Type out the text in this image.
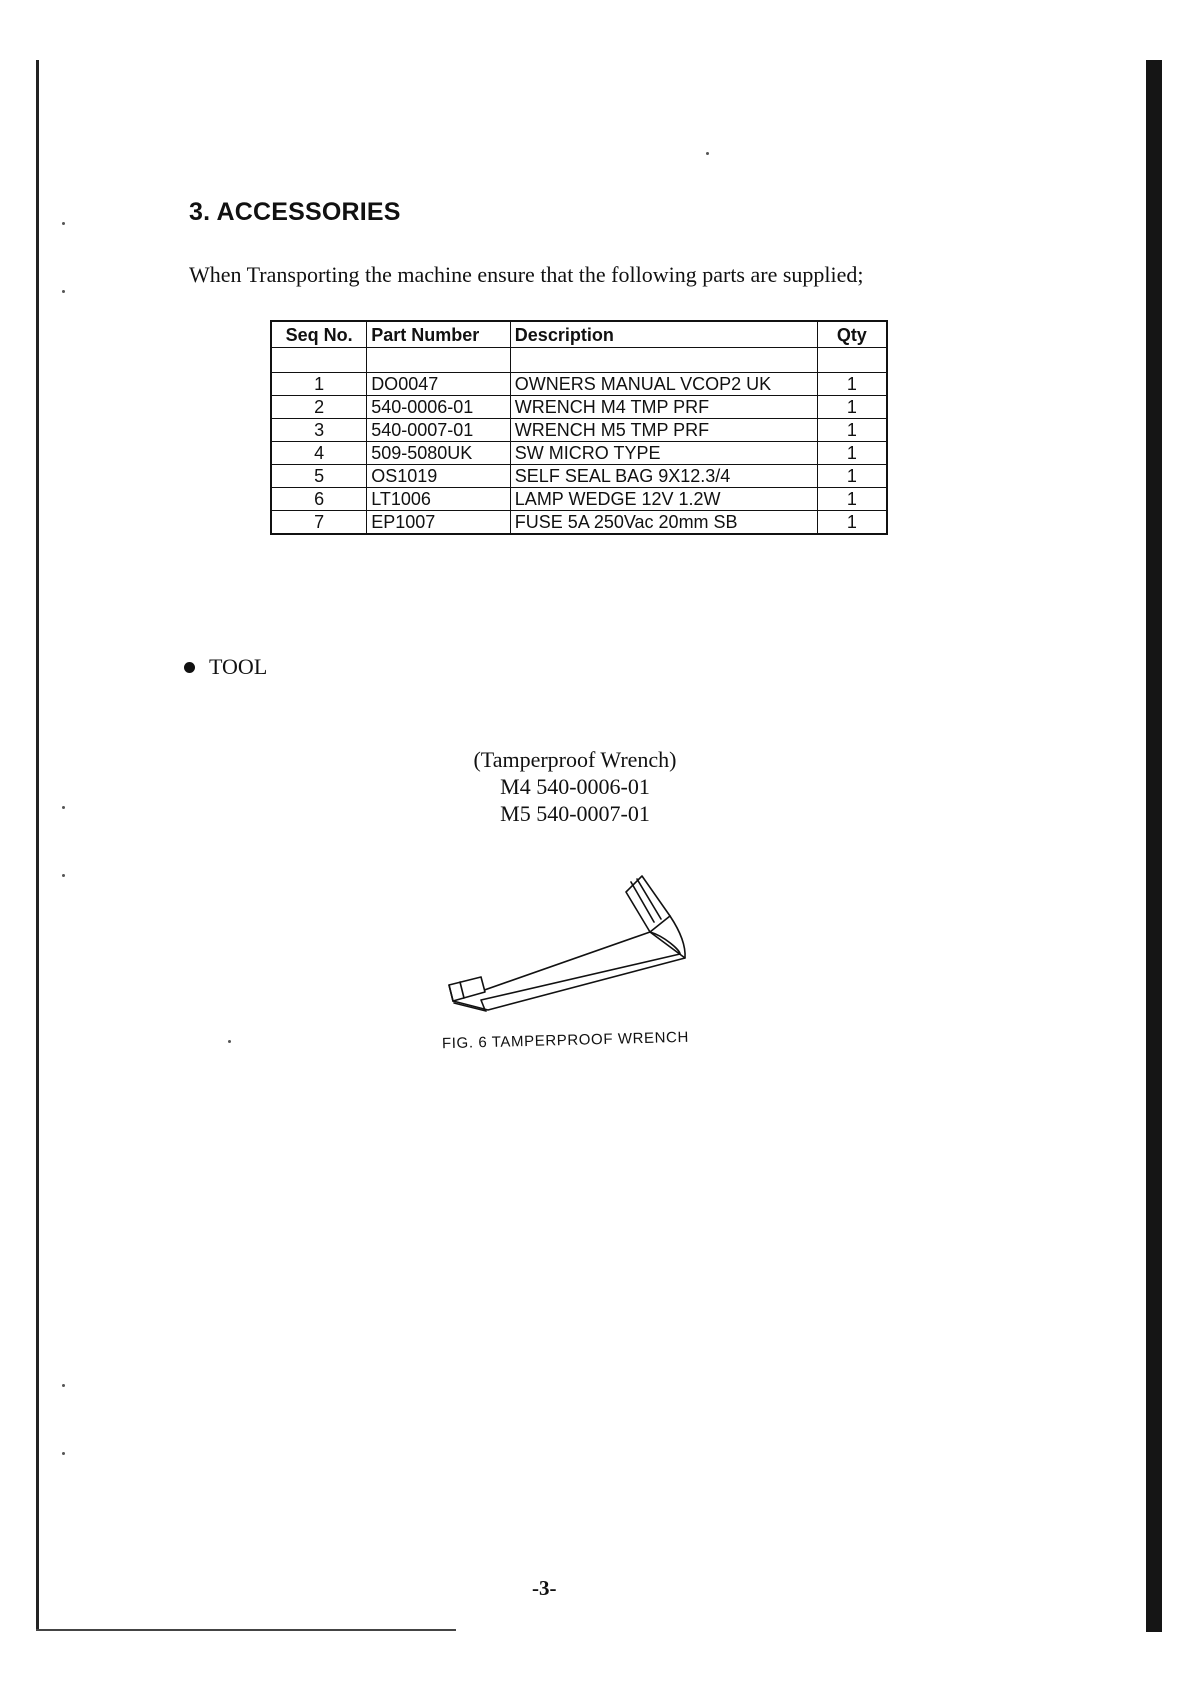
3. ACCESSORIES

When Transporting the machine ensure that the following parts are supplied;

Seq No.	Part Number	Description	Qty

1	DO0047	OWNERS MANUAL VCOP2 UK	1
2	540-0006-01	WRENCH M4 TMP PRF	1
3	540-0007-01	WRENCH M5 TMP PRF	1
4	509-5080UK	SW MICRO TYPE	1
5	OS1019	SELF SEAL BAG 9X12.3/4	1
6	LT1006	LAMP WEDGE 12V 1.2W	1
7	EP1007	FUSE 5A 250Vac 20mm SB	1

TOOL

(Tamperproof Wrench)
M4 540-0006-01
M5 540-0007-01
FIG. 6 TAMPERPROOF WRENCH
-3-
